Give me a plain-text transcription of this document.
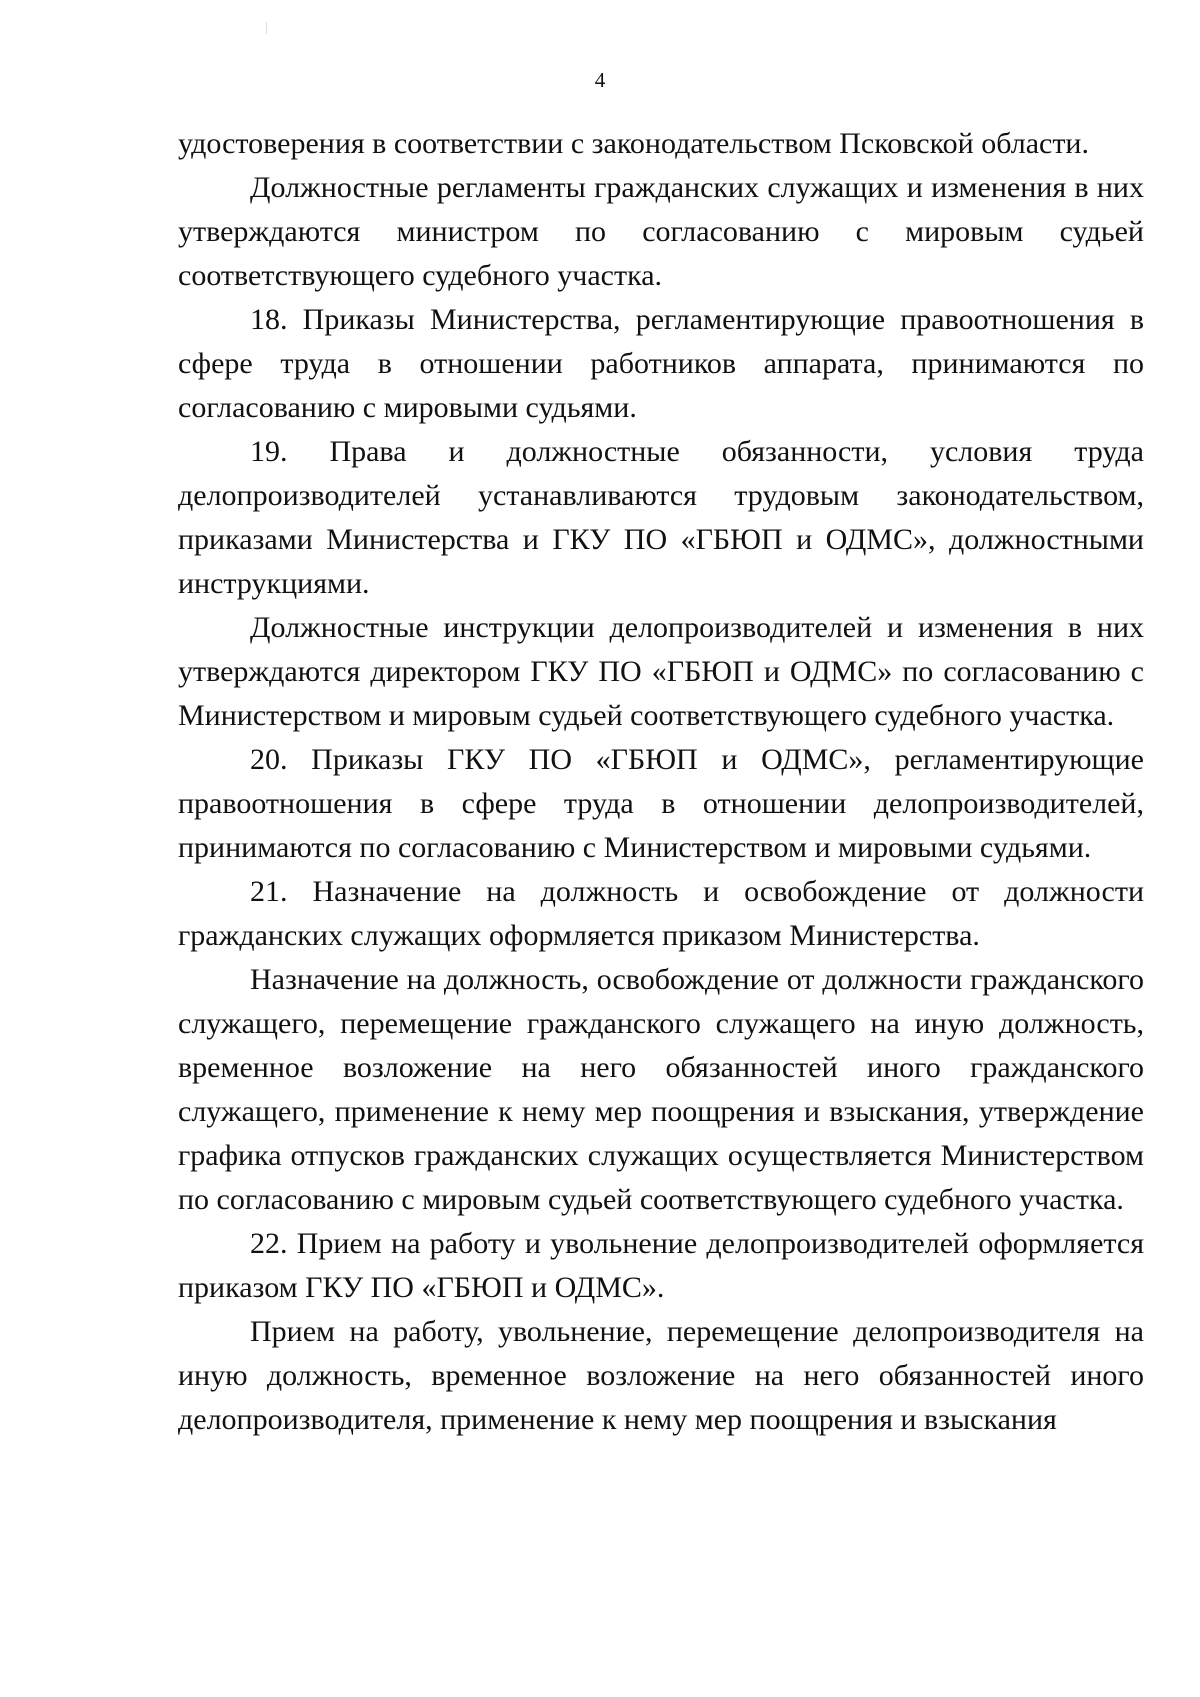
4

удостоверения в соответствии с законодательством Псковской области.

Должностные регламенты гражданских служащих и изменения в них утверждаются министром по согласованию с мировым судьей соответствующего судебного участка.

18. Приказы Министерства, регламентирующие правоотношения в сфере труда в отношении работников аппарата, принимаются по согласованию с мировыми судьями.

19. Права и должностные обязанности, условия труда делопроизводителей устанавливаются трудовым законодательством, приказами Министерства и ГКУ ПО «ГБЮП и ОДМС», должностными инструкциями.

Должностные инструкции делопроизводителей и изменения в них утверждаются директором ГКУ ПО «ГБЮП и ОДМС» по согласованию с Министерством и мировым судьей соответствующего судебного участка.

20. Приказы ГКУ ПО «ГБЮП и ОДМС», регламентирующие правоотношения в сфере труда в отношении делопроизводителей, принимаются по согласованию с Министерством и мировыми судьями.

21. Назначение на должность и освобождение от должности гражданских служащих оформляется приказом Министерства.

Назначение на должность, освобождение от должности гражданского служащего, перемещение гражданского служащего на иную должность, временное возложение на него обязанностей иного гражданского служащего, применение к нему мер поощрения и взыскания, утверждение графика отпусков гражданских служащих осуществляется Министерством по согласованию с мировым судьей соответствующего судебного участка.

22. Прием на работу и увольнение делопроизводителей оформляется приказом ГКУ ПО «ГБЮП и ОДМС».

Прием на работу, увольнение, перемещение делопроизводителя на иную должность, временное возложение на него обязанностей иного делопроизводителя, применение к нему мер поощрения и взыскания
